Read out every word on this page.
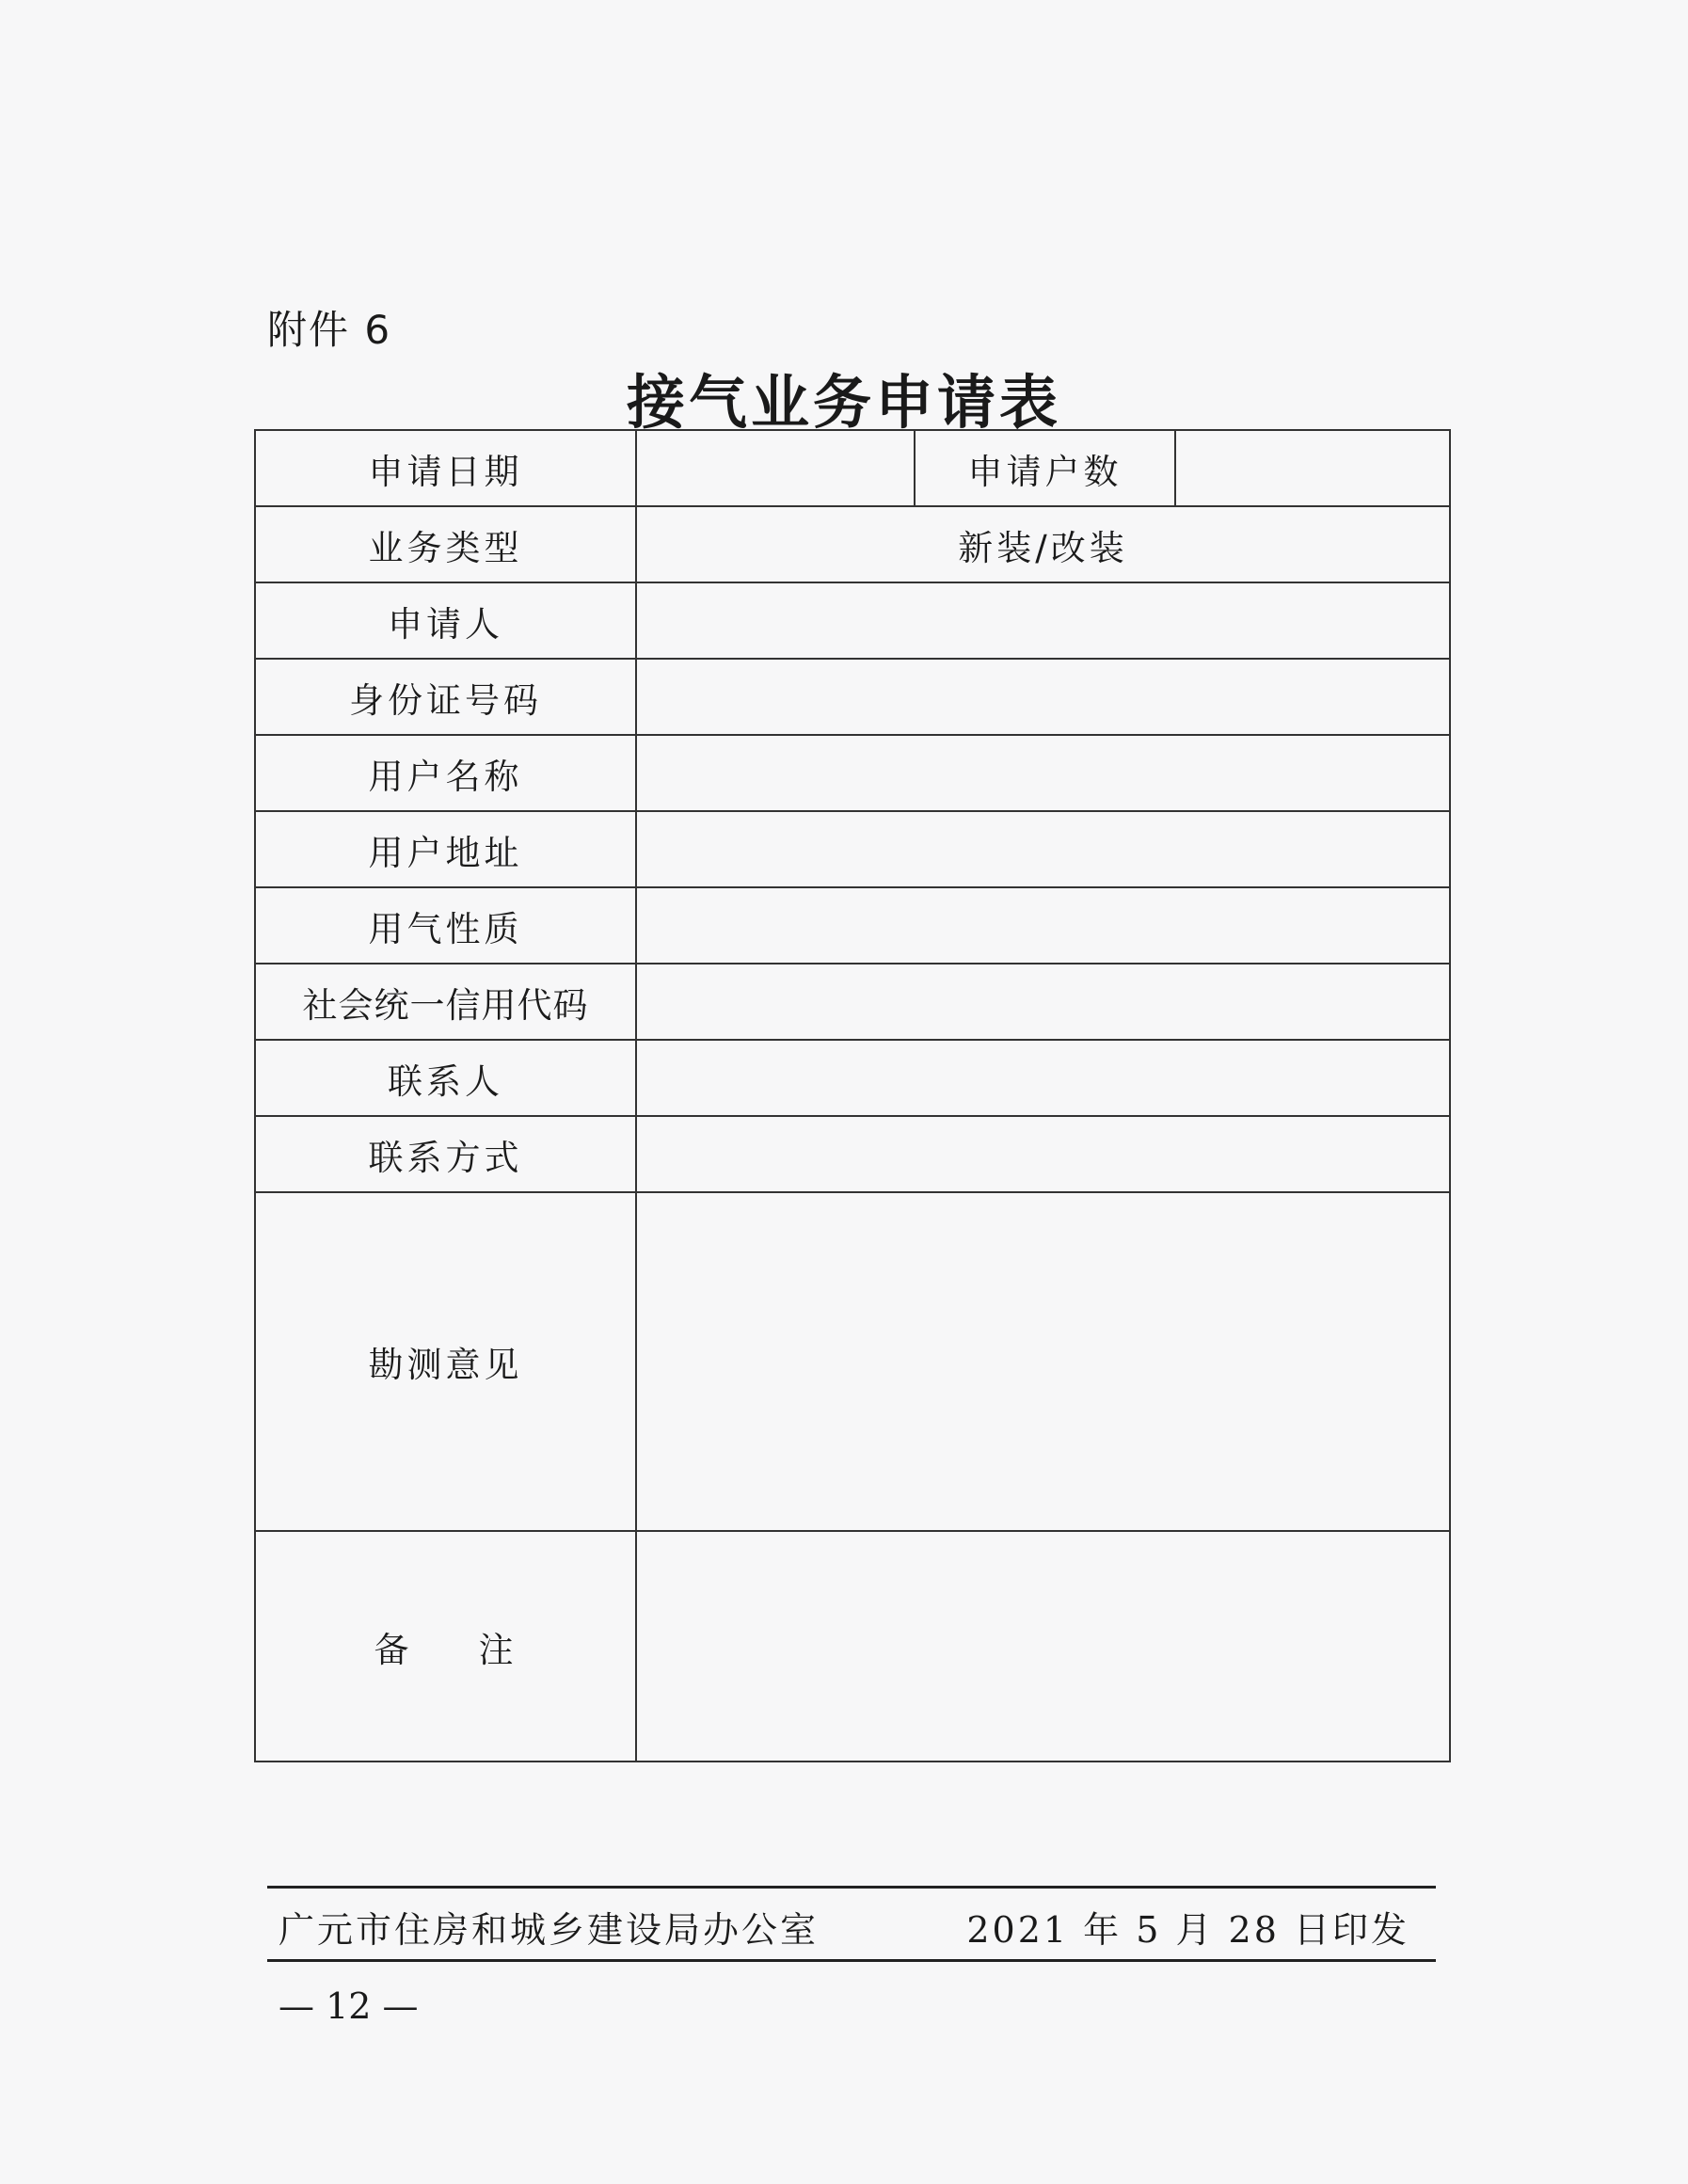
附件 6
接气业务申请表
申请日期		申请户数	
业务类型	新装/改装		
申请人			
身份证号码			
用户名称			
用户地址			
用气性质			
社会统一信用代码			
联系人			
联系方式			
勘测意见			
备 注			
广元市住房和城乡建设局办公室	2021 年 5 月 28 日印发
— 12 —
